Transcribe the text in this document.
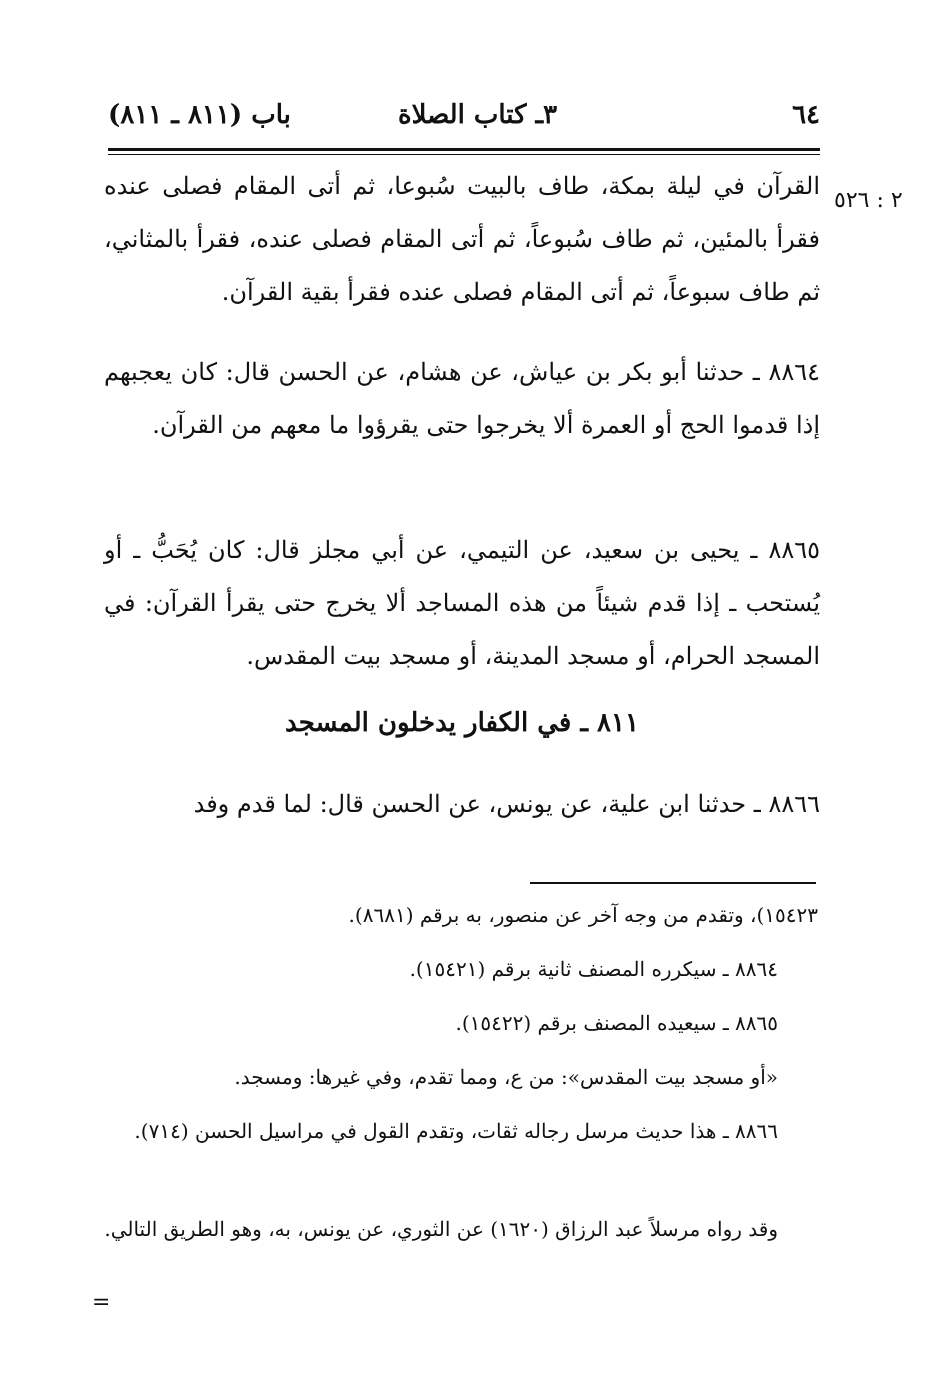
٦٤
٣ـ كتاب الصلاة
باب (٨١١ ـ ٨١١)
٢ : ٥٢٦

القرآن في ليلة بمكة، طاف بالبيت سُبوعا، ثم أتى المقام فصلى عنده فقرأ بالمئين، ثم طاف سُبوعاً، ثم أتى المقام فصلى عنده، فقرأ بالمثاني، ثم طاف سبوعاً، ثم أتى المقام فصلى عنده فقرأ بقية القرآن.

٨٨٦٤ ـ حدثنا أبو بكر بن عياش، عن هشام، عن الحسن قال: كان يعجبهم إذا قدموا الحج أو العمرة ألا يخرجوا حتى يقرؤوا ما معهم من القرآن.

٨٨٦٥ ـ يحيى بن سعيد، عن التيمي، عن أبي مجلز قال: كان يُحَبُّ ـ أو يُستحب ـ إذا قدم شيئاً من هذه المساجد ألا يخرج حتى يقرأ القرآن: في المسجد الحرام، أو مسجد المدينة، أو مسجد بيت المقدس.

٨١١ ـ في الكفار يدخلون المسجد

٨٨٦٦ ـ حدثنا ابن علية، عن يونس، عن الحسن قال: لما قدم وفد

١٥٤٢٣)، وتقدم من وجه آخر عن منصور، به برقم (٨٦٨١).

٨٨٦٤ ـ سيكرره المصنف ثانية برقم (١٥٤٢١).

٨٨٦٥ ـ سيعيده المصنف برقم (١٥٤٢٢).

«أو مسجد بيت المقدس»: من ع، ومما تقدم، وفي غيرها: ومسجد.

٨٨٦٦ ـ هذا حديث مرسل رجاله ثقات، وتقدم القول في مراسيل الحسن (٧١٤).

وقد رواه مرسلاً عبد الرزاق (١٦٢٠) عن الثوري، عن يونس، به، وهو الطريق التالي.

=
